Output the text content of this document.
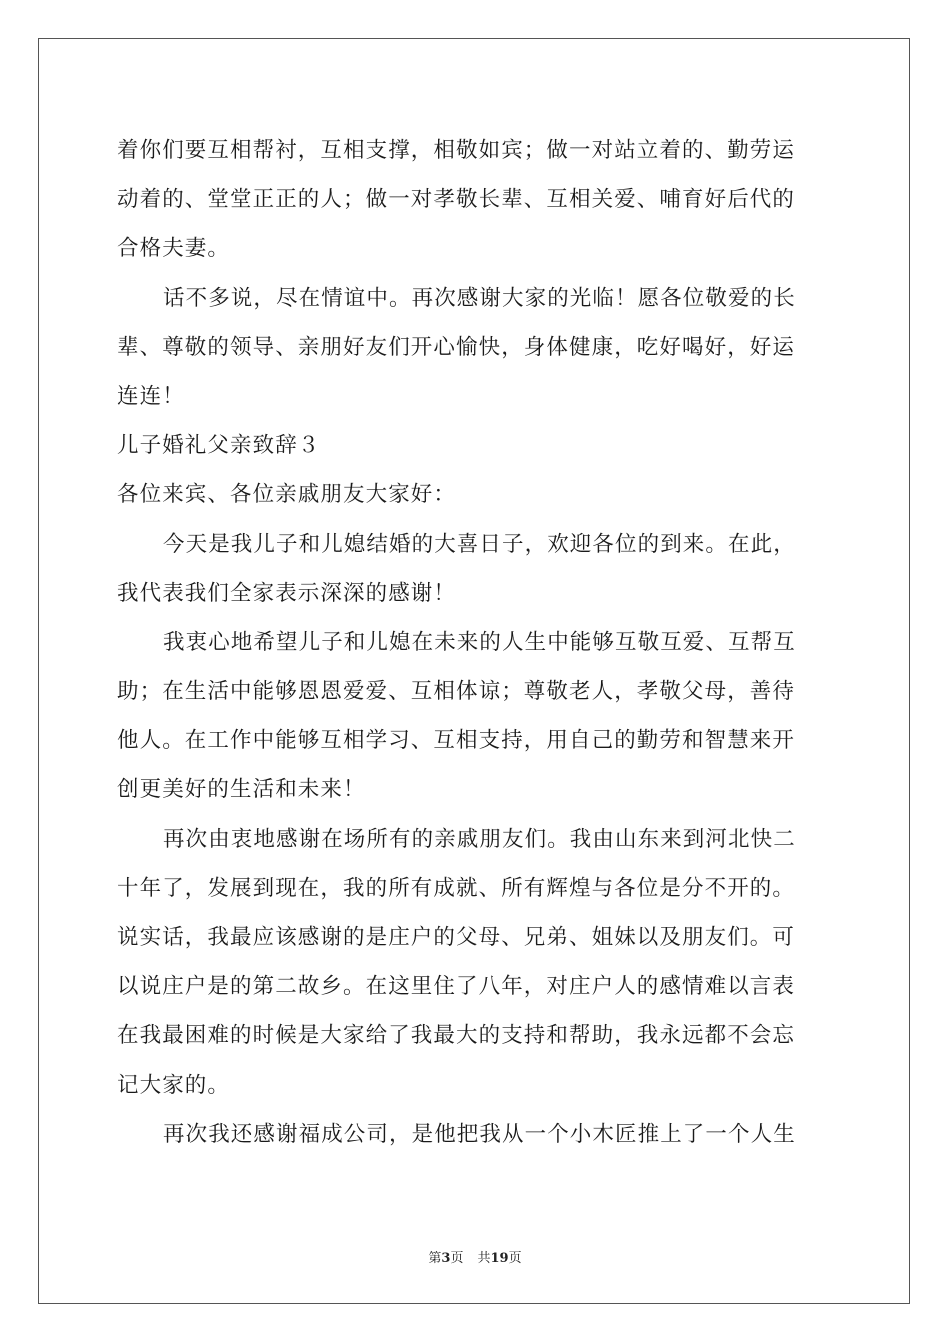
着你们要互相帮衬，互相支撑，相敬如宾；做一对站立着的、勤劳运
动着的、堂堂正正的人；做一对孝敬长辈、互相关爱、哺育好后代的
合格夫妻。
话不多说，尽在情谊中。再次感谢大家的光临！愿各位敬爱的长
辈、尊敬的领导、亲朋好友们开心愉快，身体健康，吃好喝好，好运
连连！
儿子婚礼父亲致辞３
各位来宾、各位亲戚朋友大家好：
今天是我儿子和儿媳结婚的大喜日子，欢迎各位的到来。在此，
我代表我们全家表示深深的感谢！
我衷心地希望儿子和儿媳在未来的人生中能够互敬互爱、互帮互
助；在生活中能够恩恩爱爱、互相体谅；尊敬老人，孝敬父母，善待
他人。在工作中能够互相学习、互相支持，用自己的勤劳和智慧来开
创更美好的生活和未来！
再次由衷地感谢在场所有的亲戚朋友们。我由山东来到河北快二
十年了，发展到现在，我的所有成就、所有辉煌与各位是分不开的。
说实话，我最应该感谢的是庄户的父母、兄弟、姐妹以及朋友们。可
以说庄户是的第二故乡。在这里住了八年，对庄户人的感情难以言表
在我最困难的时候是大家给了我最大的支持和帮助，我永远都不会忘
记大家的。
再次我还感谢福成公司，是他把我从一个小木匠推上了一个人生
第3页 共19页
